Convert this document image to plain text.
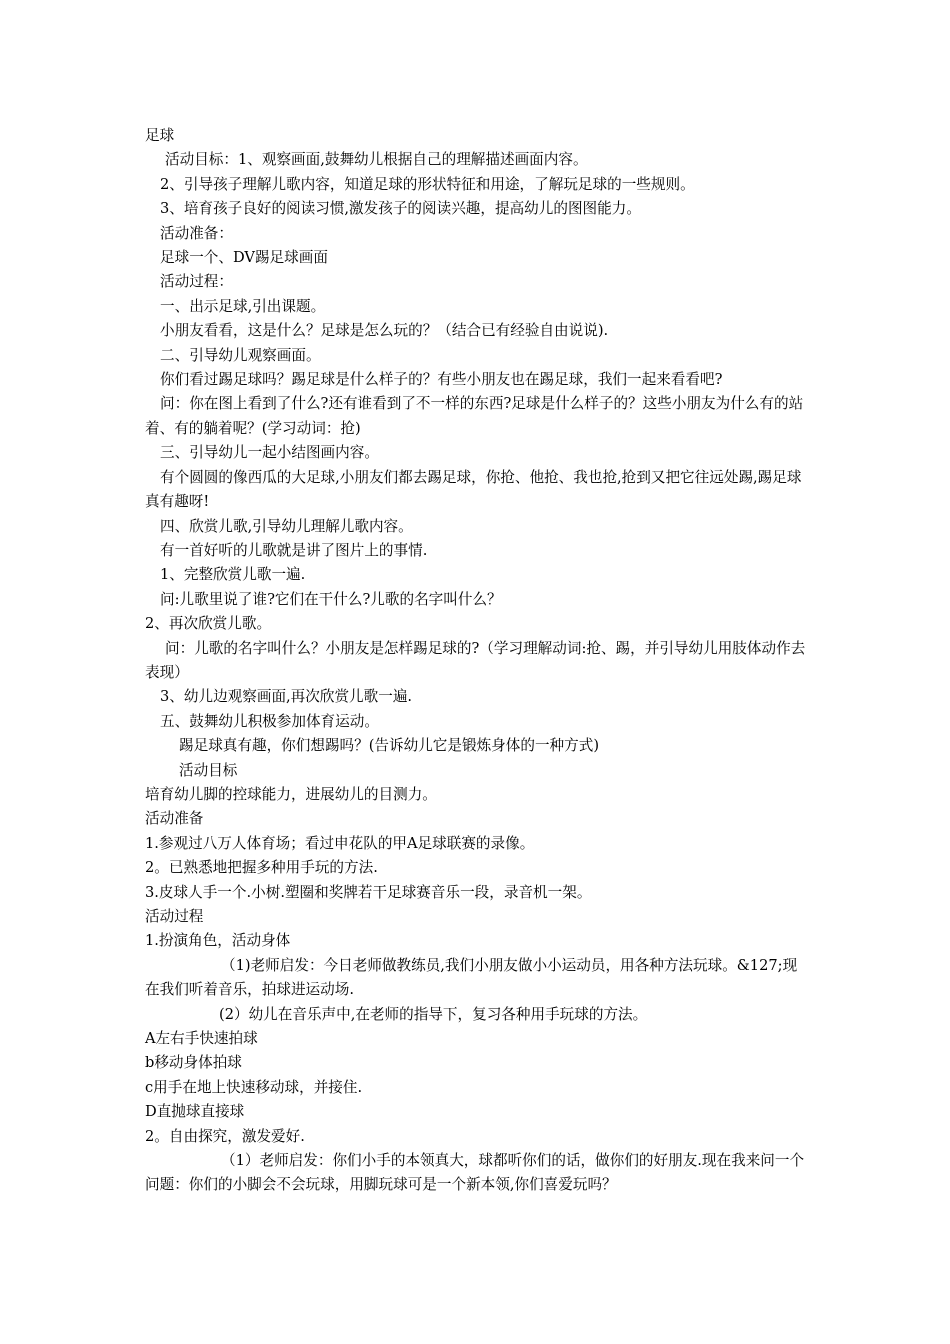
足球

活动目标：1、观察画面,鼓舞幼儿根据自己的理解描述画面内容。

2、引导孩子理解儿歌内容，知道足球的形状特征和用途，了解玩足球的一些规则。

3、培育孩子良好的阅读习惯,激发孩子的阅读兴趣，提高幼儿的图图能力。

活动准备：

足球一个、DV踢足球画面

活动过程：

一、出示足球,引出课题。

小朋友看看，这是什么？足球是怎么玩的？（结合已有经验自由说说).

二、引导幼儿观察画面。

你们看过踢足球吗？踢足球是什么样子的？有些小朋友也在踢足球，我们一起来看看吧?

问：你在图上看到了什么?还有谁看到了不一样的东西?足球是什么样子的？这些小朋友为什么有的站着、有的躺着呢？(学习动词：抢)

三、引导幼儿一起小结图画内容。

有个圆圆的像西瓜的大足球,小朋友们都去踢足球，你抢、他抢、我也抢,抢到又把它往远处踢,踢足球真有趣呀!

四、欣赏儿歌,引导幼儿理解儿歌内容。

有一首好听的儿歌就是讲了图片上的事情.

1、完整欣赏儿歌一遍.

问:儿歌里说了谁?它们在干什么?儿歌的名字叫什么？

2、再次欣赏儿歌。

问：儿歌的名字叫什么？小朋友是怎样踢足球的?（学习理解动词:抢、踢，并引导幼儿用肢体动作去表现）

3、幼儿边观察画面,再次欣赏儿歌一遍.

五、鼓舞幼儿积极参加体育运动。

踢足球真有趣，你们想踢吗？(告诉幼儿它是锻炼身体的一种方式)

活动目标

培育幼儿脚的控球能力，进展幼儿的目测力。

活动准备

1.参观过八万人体育场；看过申花队的甲A足球联赛的录像。

2。已熟悉地把握多种用手玩的方法.

3.皮球人手一个.小树.塑圈和奖牌若干足球赛音乐一段，录音机一架。

活动过程

1.扮演角色，活动身体

（1)老师启发：今日老师做教练员,我们小朋友做小小运动员，用各种方法玩球。&127;现在我们听着音乐，拍球进运动场.

(2）幼儿在音乐声中,在老师的指导下，复习各种用手玩球的方法。

A左右手快速拍球

b移动身体拍球

c用手在地上快速移动球，并接住.

D直抛球直接球

2。自由探究，激发爱好.

（1）老师启发：你们小手的本领真大，球都听你们的话，做你们的好朋友.现在我来问一个问题：你们的小脚会不会玩球，用脚玩球可是一个新本领,你们喜爱玩吗？
